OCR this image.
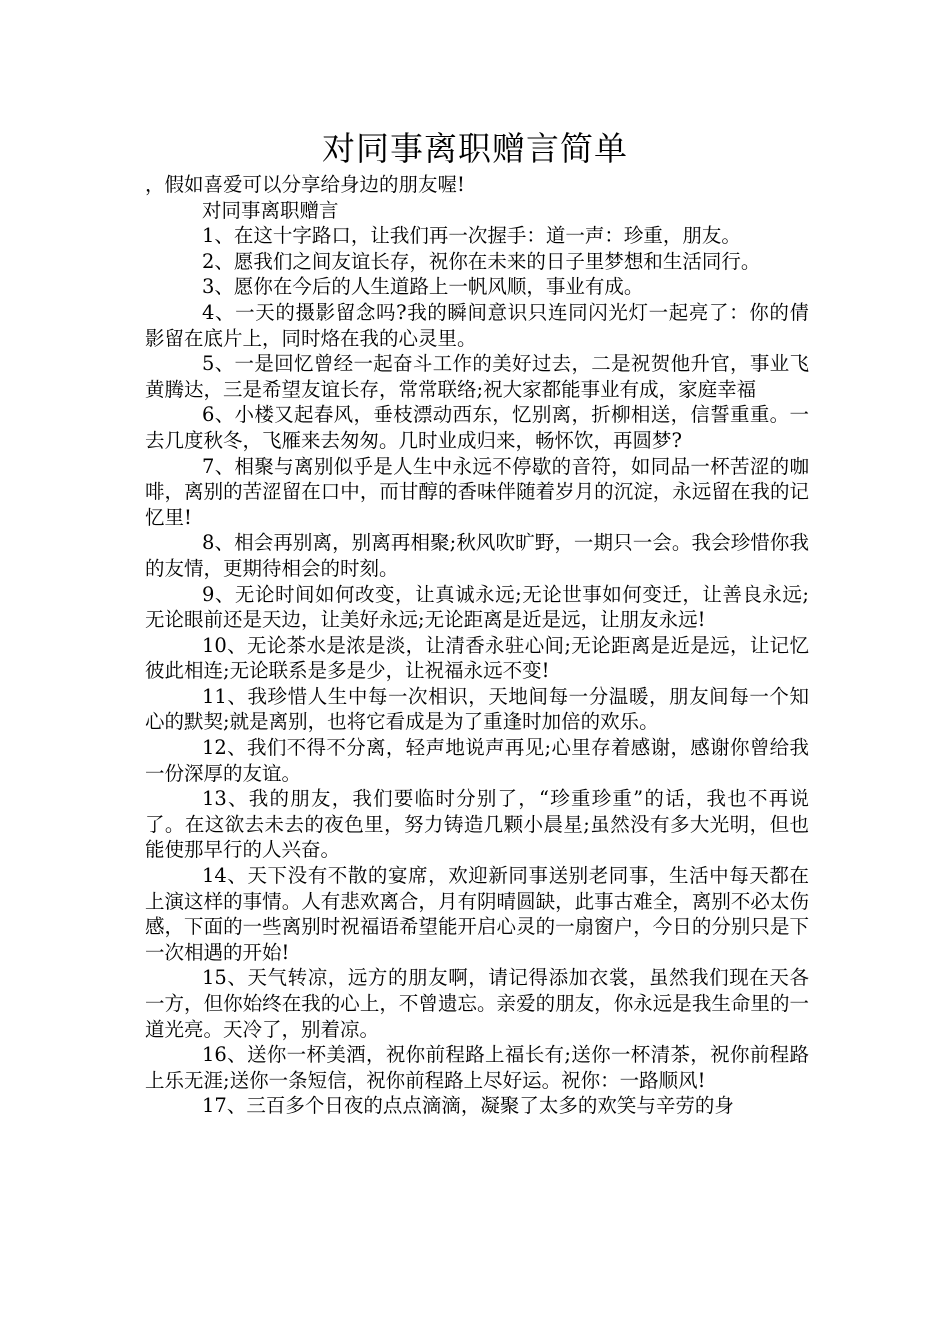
对同事离职赠言简单

，假如喜爱可以分享给身边的朋友喔!

对同事离职赠言

1、在这十字路口，让我们再一次握手：道一声：珍重，朋友。

2、愿我们之间友谊长存，祝你在未来的日子里梦想和生活同行。

3、愿你在今后的人生道路上一帆风顺，事业有成。

4、一天的摄影留念吗?我的瞬间意识只连同闪光灯一起亮了：你的倩影留在底片上，同时烙在我的心灵里。

5、一是回忆曾经一起奋斗工作的美好过去，二是祝贺他升官，事业飞黄腾达，三是希望友谊长存，常常联络;祝大家都能事业有成，家庭幸福

6、小楼又起春风，垂枝漂动西东，忆别离，折柳相送，信誓重重。一去几度秋冬，飞雁来去匆匆。几时业成归来，畅怀饮，再圆梦?

7、相聚与离别似乎是人生中永远不停歇的音符，如同品一杯苦涩的咖啡，离别的苦涩留在口中，而甘醇的香味伴随着岁月的沉淀，永远留在我的记忆里!

8、相会再别离，别离再相聚;秋风吹旷野，一期只一会。我会珍惜你我的友情，更期待相会的时刻。

9、无论时间如何改变，让真诚永远;无论世事如何变迁，让善良永远;无论眼前还是天边，让美好永远;无论距离是近是远，让朋友永远!

10、无论茶水是浓是淡，让清香永驻心间;无论距离是近是远，让记忆彼此相连;无论联系是多是少，让祝福永远不变!

11、我珍惜人生中每一次相识，天地间每一分温暖，朋友间每一个知心的默契;就是离别，也将它看成是为了重逢时加倍的欢乐。

12、我们不得不分离，轻声地说声再见;心里存着感谢，感谢你曾给我一份深厚的友谊。

13、我的朋友，我们要临时分别了，“珍重珍重”的话，我也不再说了。在这欲去未去的夜色里，努力铸造几颗小晨星;虽然没有多大光明，但也能使那早行的人兴奋。

14、天下没有不散的宴席，欢迎新同事送别老同事，生活中每天都在上演这样的事情。人有悲欢离合，月有阴晴圆缺，此事古难全，离别不必太伤感，下面的一些离别时祝福语希望能开启心灵的一扇窗户，今日的分别只是下一次相遇的开始!

15、天气转凉，远方的朋友啊，请记得添加衣裳，虽然我们现在天各一方，但你始终在我的心上，不曾遗忘。亲爱的朋友，你永远是我生命里的一道光亮。天冷了，别着凉。

16、送你一杯美酒，祝你前程路上福长有;送你一杯清茶，祝你前程路上乐无涯;送你一条短信，祝你前程路上尽好运。祝你：一路顺风!

17、三百多个日夜的点点滴滴，凝聚了太多的欢笑与辛劳的身
